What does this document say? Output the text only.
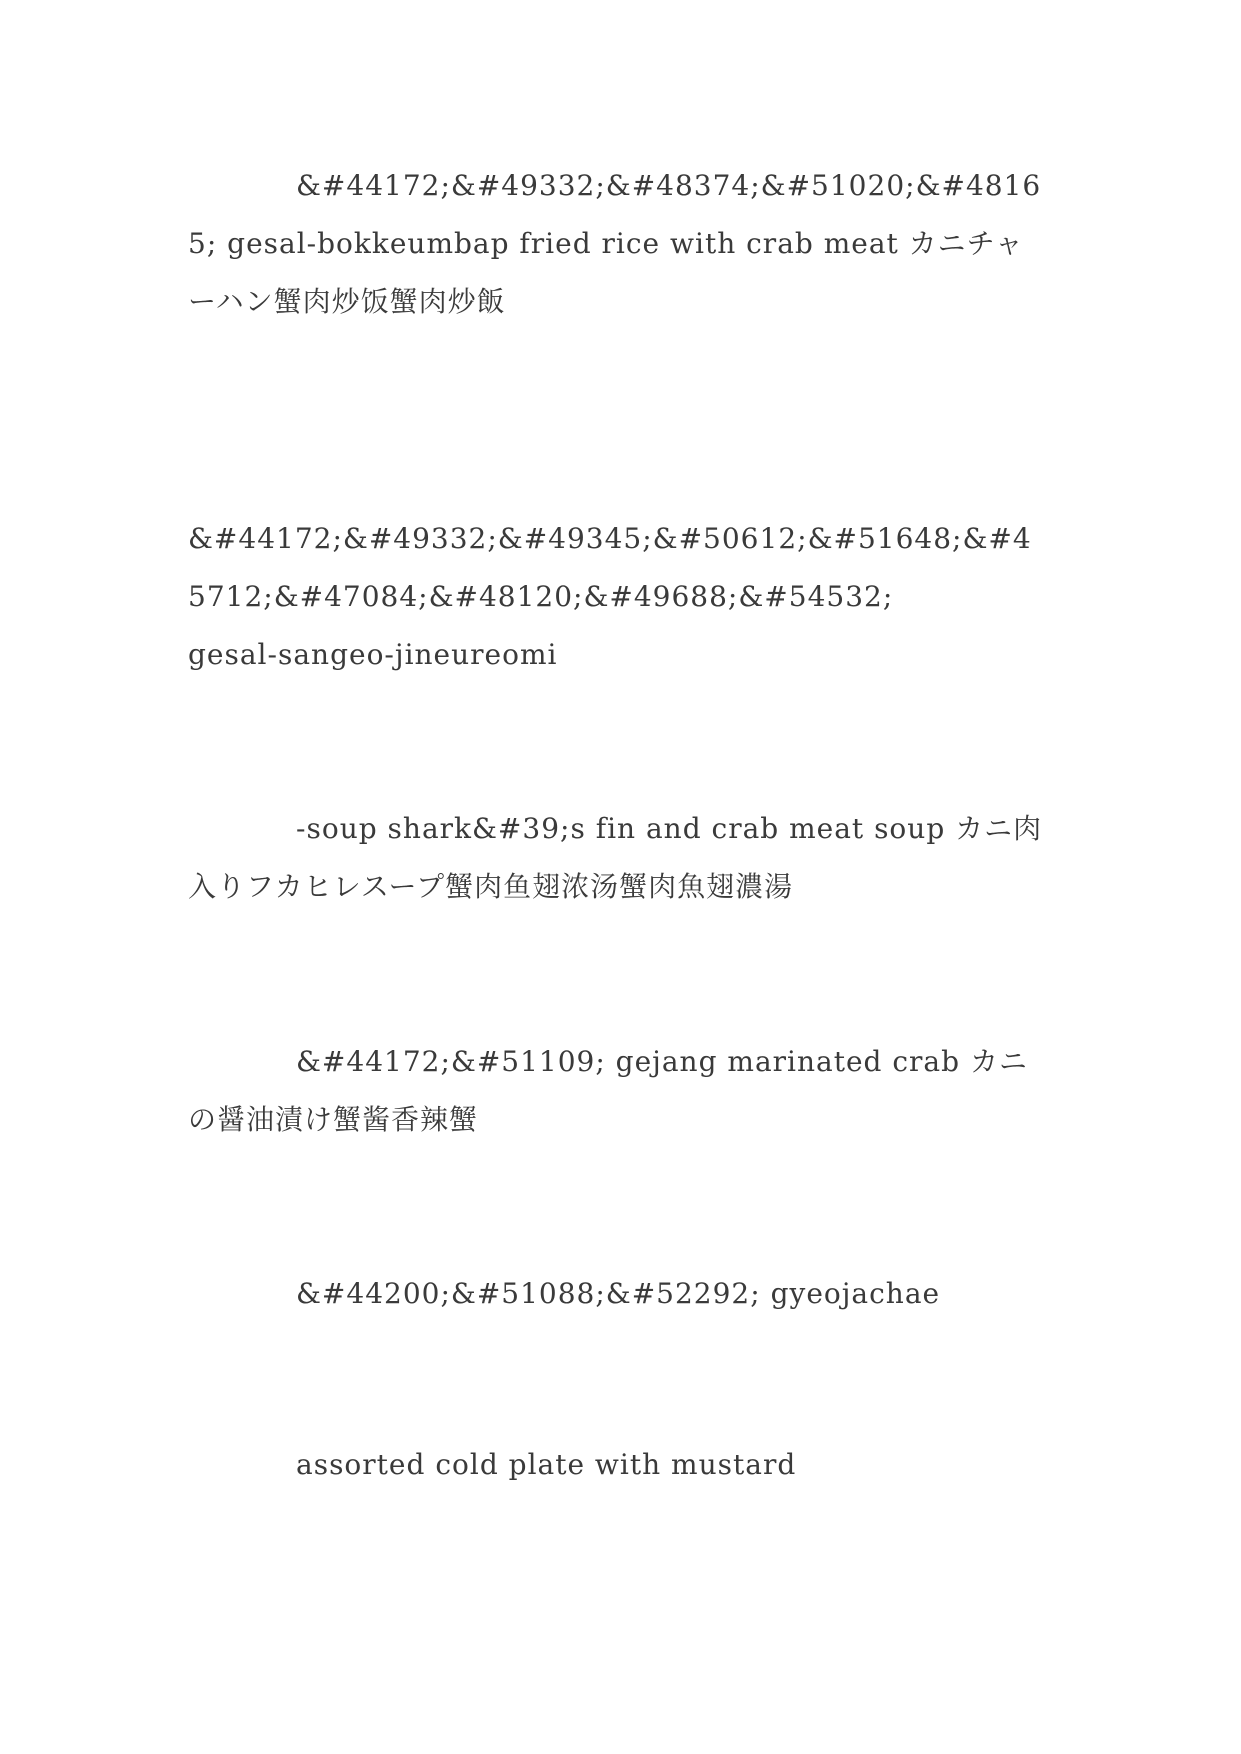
&#44172;&#49332;&#48374;&#51020;&#48165; gesal-bokkeumbap fried rice with crab meat カニチャーハン蟹肉炒饭蟹肉炒飯

&#44172;&#49332;&#49345;&#50612;&#51648;&#45712;&#47084;&#48120;&#49688;&#54532;
gesal-sangeo-jineureomi

-soup shark&#39;s fin and crab meat soup カニ肉入りフカヒレスープ蟹肉鱼翅浓汤蟹肉魚翅濃湯

&#44172;&#51109; gejang marinated crab カニの醤油漬け蟹酱香辣蟹

&#44200;&#51088;&#52292; gyeojachae

assorted cold plate with mustard
